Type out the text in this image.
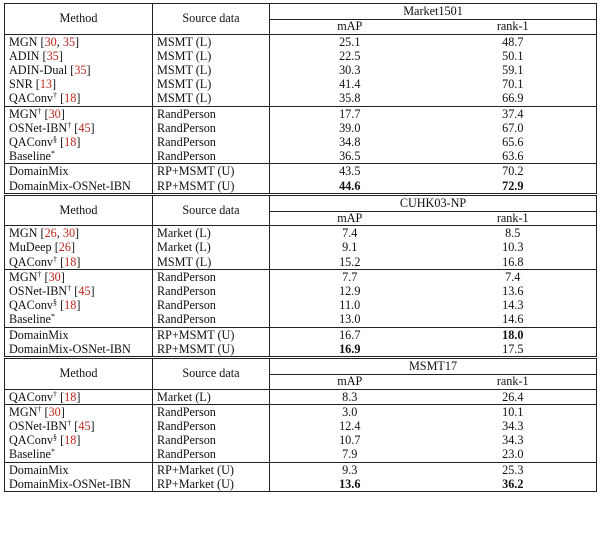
Method	Source data	Market1501	
		mAP	rank-1
MGN [30, 35]	MSMT (L)	25.1	48.7
ADIN [35]	MSMT (L)	22.5	50.1
ADIN-Dual [35]	MSMT (L)	30.3	59.1
SNR [13]	MSMT (L)	41.4	70.1
QAConv† [18]	MSMT (L)	35.8	66.9
MGN† [30]	RandPerson	17.7	37.4
OSNet-IBN† [45]	RandPerson	39.0	67.0
QAConv§ [18]	RandPerson	34.8	65.6
Baseline*	RandPerson	36.5	63.6
DomainMix	RP+MSMT (U)	43.5	70.2
DomainMix-OSNet-IBN	RP+MSMT (U)	44.6	72.9
Method	Source data	CUHK03-NP	
		mAP	rank-1
MGN [26, 30]	Market (L)	7.4	8.5
MuDeep [26]	Market (L)	9.1	10.3
QAConv† [18]	MSMT (L)	15.2	16.8
MGN† [30]	RandPerson	7.7	7.4
OSNet-IBN† [45]	RandPerson	12.9	13.6
QAConv§ [18]	RandPerson	11.0	14.3
Baseline*	RandPerson	13.0	14.6
DomainMix	RP+MSMT (U)	16.7	18.0
DomainMix-OSNet-IBN	RP+MSMT (U)	16.9	17.5
Method	Source data	MSMT17	
		mAP	rank-1
QAConv† [18]	Market (L)	8.3	26.4
MGN† [30]	RandPerson	3.0	10.1
OSNet-IBN† [45]	RandPerson	12.4	34.3
QAConv§ [18]	RandPerson	10.7	34.3
Baseline*	RandPerson	7.9	23.0
DomainMix	RP+Market (U)	9.3	25.3
DomainMix-OSNet-IBN	RP+Market (U)	13.6	36.2
